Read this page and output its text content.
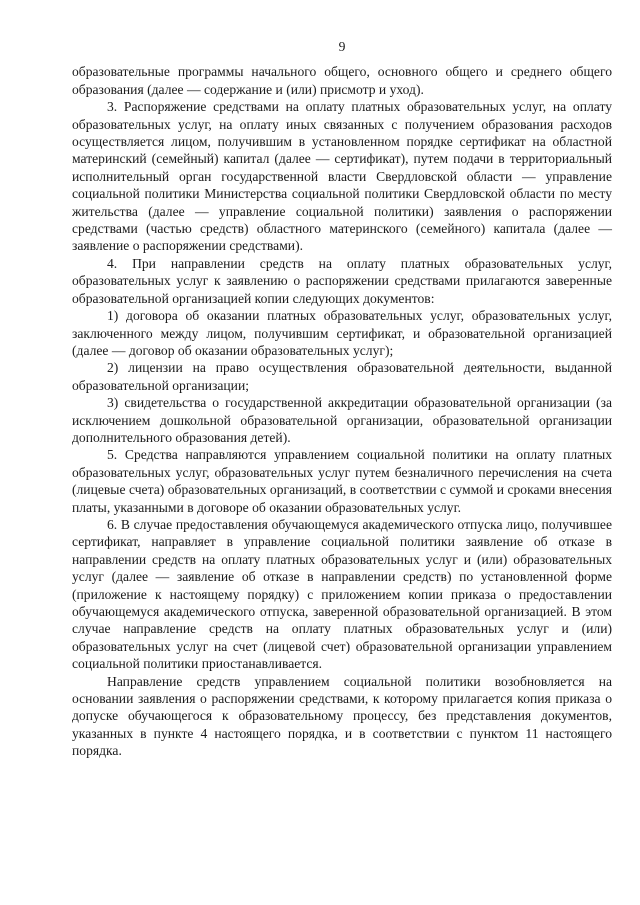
9

образовательные программы начального общего, основного общего и среднего общего образования (далее — содержание и (или) присмотр и уход).

3. Распоряжение средствами на оплату платных образовательных услуг, на оплату образовательных услуг, на оплату иных связанных с получением образования расходов осуществляется лицом, получившим в установленном порядке сертификат на областной материнский (семейный) капитал (далее — сертификат), путем подачи в территориальный исполнительный орган государственной власти Свердловской области — управление социальной политики Министерства социальной политики Свердловской области по месту жительства (далее — управление социальной политики) заявления о распоряжении средствами (частью средств) областного материнского (семейного) капитала (далее — заявление о распоряжении средствами).

4. При направлении средств на оплату платных образовательных услуг, образовательных услуг к заявлению о распоряжении средствами прилагаются заверенные образовательной организацией копии следующих документов:

1) договора об оказании платных образовательных услуг, образовательных услуг, заключенного между лицом, получившим сертификат, и образовательной организацией (далее — договор об оказании образовательных услуг);

2) лицензии на право осуществления образовательной деятельности, выданной образовательной организации;

3) свидетельства о государственной аккредитации образовательной организации (за исключением дошкольной образовательной организации, образовательной организации дополнительного образования детей).

5. Средства направляются управлением социальной политики на оплату платных образовательных услуг, образовательных услуг путем безналичного перечисления на счета (лицевые счета) образовательных организаций, в соответствии с суммой и сроками внесения платы, указанными в договоре об оказании образовательных услуг.

6. В случае предоставления обучающемуся академического отпуска лицо, получившее сертификат, направляет в управление социальной политики заявление об отказе в направлении средств на оплату платных образовательных услуг и (или) образовательных услуг (далее — заявление об отказе в направлении средств) по установленной форме (приложение к настоящему порядку) с приложением копии приказа о предоставлении обучающемуся академического отпуска, заверенной образовательной организацией. В этом случае направление средств на оплату платных образовательных услуг и (или) образовательных услуг на счет (лицевой счет) образовательной организации управлением социальной политики приостанавливается.

Направление средств управлением социальной политики возобновляется на основании заявления о распоряжении средствами, к которому прилагается копия приказа о допуске обучающегося к образовательному процессу, без представления документов, указанных в пункте 4 настоящего порядка, и в соответствии с пунктом 11 настоящего порядка.
